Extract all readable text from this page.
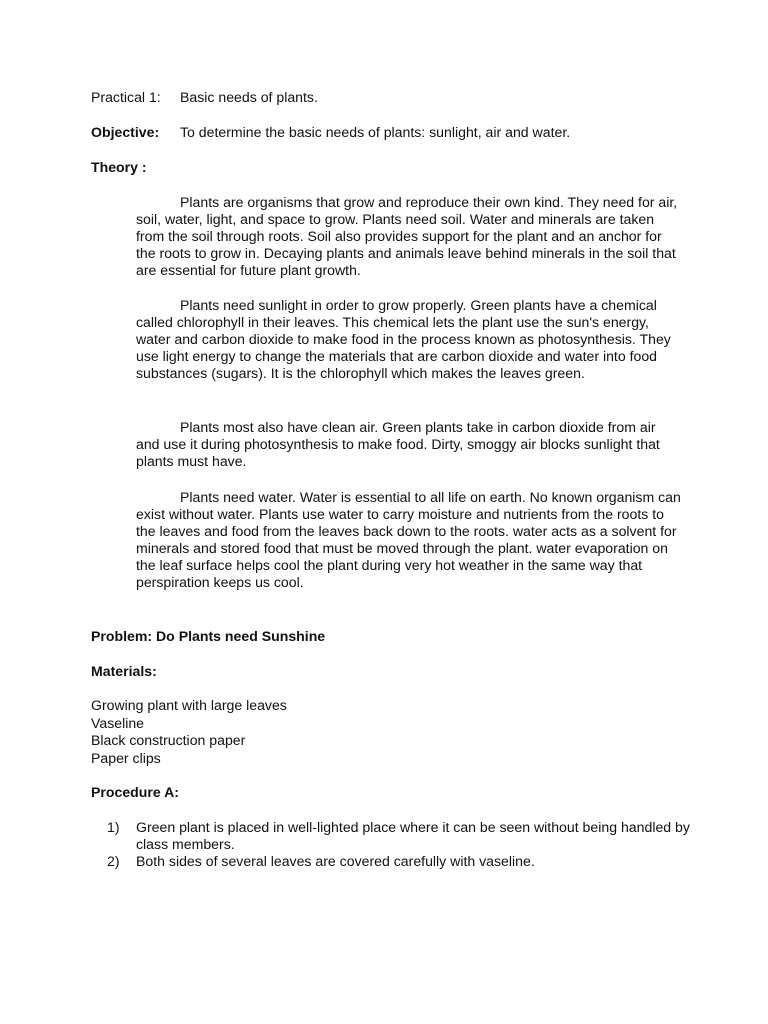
Practical 1: Basic needs of plants.
Objective: To determine the basic needs of plants: sunlight, air and water.

Theory :

Plants are organisms that grow and reproduce their own kind. They need for air, soil, water, light, and space to grow. Plants need soil. Water and minerals are taken from the soil through roots. Soil also provides support for the plant and an anchor for the roots to grow in. Decaying plants and animals leave behind minerals in the soil that are essential for future plant growth.

Plants need sunlight in order to grow properly. Green plants have a chemical called chlorophyll in their leaves. This chemical lets the plant use the sun's energy, water and carbon dioxide to make food in the process known as photosynthesis. They use light energy to change the materials that are carbon dioxide and water into food substances (sugars). It is the chlorophyll which makes the leaves green.

Plants most also have clean air. Green plants take in carbon dioxide from air and use it during photosynthesis to make food. Dirty, smoggy air blocks sunlight that plants must have.

Plants need water. Water is essential to all life on earth. No known organism can exist without water. Plants use water to carry moisture and nutrients from the roots to the leaves and food from the leaves back down to the roots. water acts as a solvent for minerals and stored food that must be moved through the plant. water evaporation on the leaf surface helps cool the plant during very hot weather in the same way that perspiration keeps us cool.

Problem: Do Plants need Sunshine

Materials:

Growing plant with large leaves
Vaseline
Black construction paper
Paper clips

Procedure A:

1) Green plant is placed in well-lighted place where it can be seen without being handled by class members.
2) Both sides of several leaves are covered carefully with vaseline.
